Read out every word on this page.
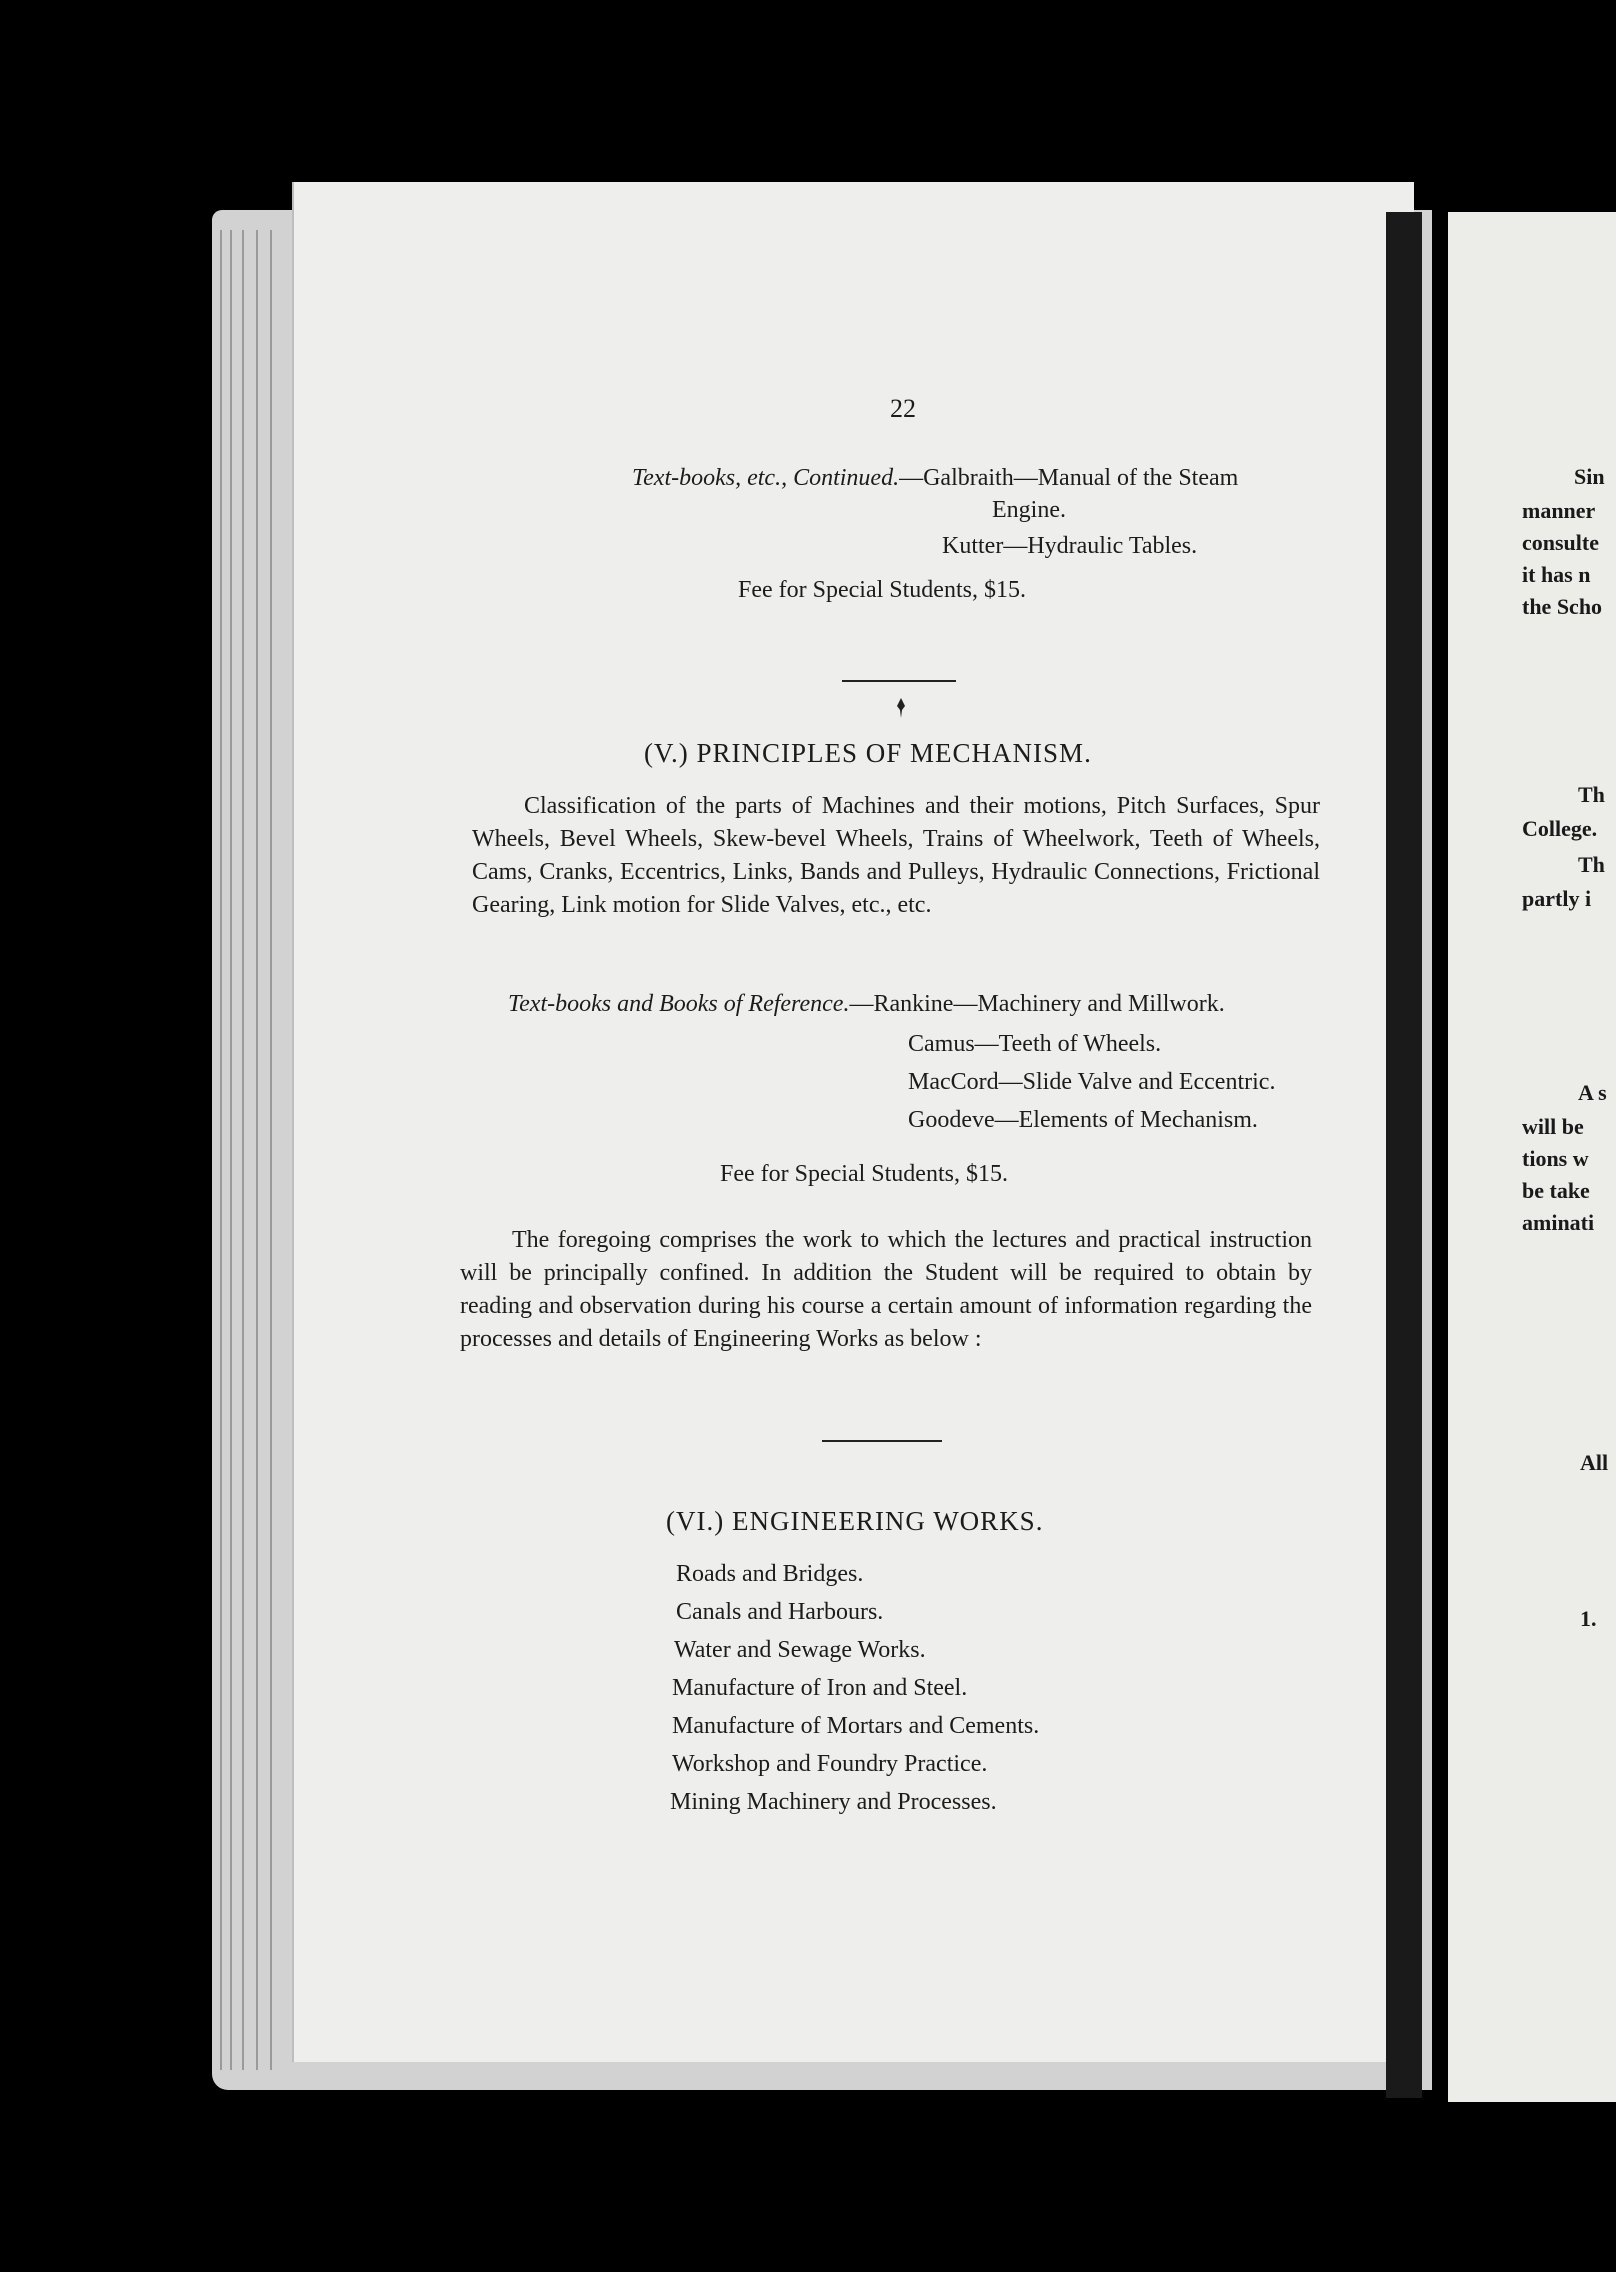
22
Text-books, etc., Continued.—Galbraith—Manual of the Steam
Engine.
Kutter—Hydraulic Tables.
Fee for Special Students, $15.
(V.) PRINCIPLES OF MECHANISM.
Classification of the parts of Machines and their motions, Pitch Surfaces, Spur Wheels, Bevel Wheels, Skew-bevel Wheels, Trains of Wheelwork, Teeth of Wheels, Cams, Cranks, Eccentrics, Links, Bands and Pulleys, Hydraulic Connections, Frictional Gearing, Link motion for Slide Valves, etc., etc.
Text-books and Books of Reference.—Rankine—Machinery and Millwork.
Camus—Teeth of Wheels.
MacCord—Slide Valve and Eccentric.
Goodeve—Elements of Mechanism.
Fee for Special Students, $15.
The foregoing comprises the work to which the lectures and practical instruction will be principally confined. In addition the Student will be required to obtain by reading and observation during his course a certain amount of information regarding the processes and details of Engineering Works as below :
(VI.) ENGINEERING WORKS.
Roads and Bridges.
Canals and Harbours.
Water and Sewage Works.
Manufacture of Iron and Steel.
Manufacture of Mortars and Cements.
Workshop and Foundry Practice.
Mining Machinery and Processes.
Sin
manner
consulte
it has n
the Scho
Th
College.
Th
partly i
A s
will be
tions w
be take
aminati
All
1.
